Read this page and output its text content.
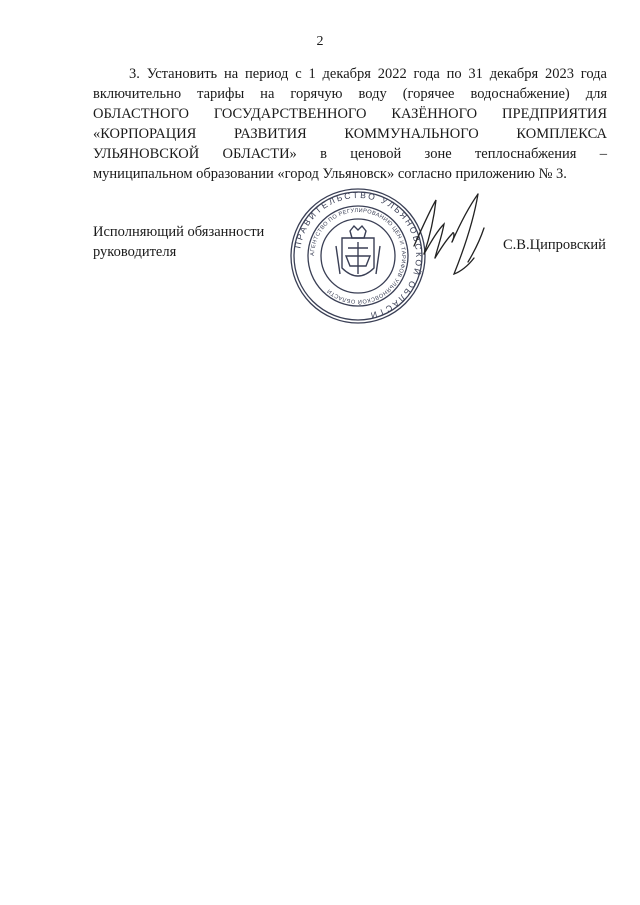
2
3. Установить на период с 1 декабря 2022 года по 31 декабря 2023 года
включительно тарифы на горячую воду (горячее водоснабжение) для
ОБЛАСТНОГО ГОСУДАРСТВЕННОГО КАЗЁННОГО ПРЕДПРИЯТИЯ
«КОРПОРАЦИЯ РАЗВИТИЯ КОММУНАЛЬНОГО КОМПЛЕКСА
УЛЬЯНОВСКОЙ ОБЛАСТИ» в ценовой зоне теплоснабжения –
муниципальном образовании «город Ульяновск» согласно приложению № 3.
Исполняющий обязанности
руководителя	ПРАВИТЕЛЬСТВО УЛЬЯНОВСКОЙ ОБЛАСТИ
АГЕНТСТВО ПО РЕГУЛИРОВАНИЮ ЦЕН И ТАРИФОВ УЛЬЯНОВСКОЙ ОБЛАСТИ
С.В.Ципровский
